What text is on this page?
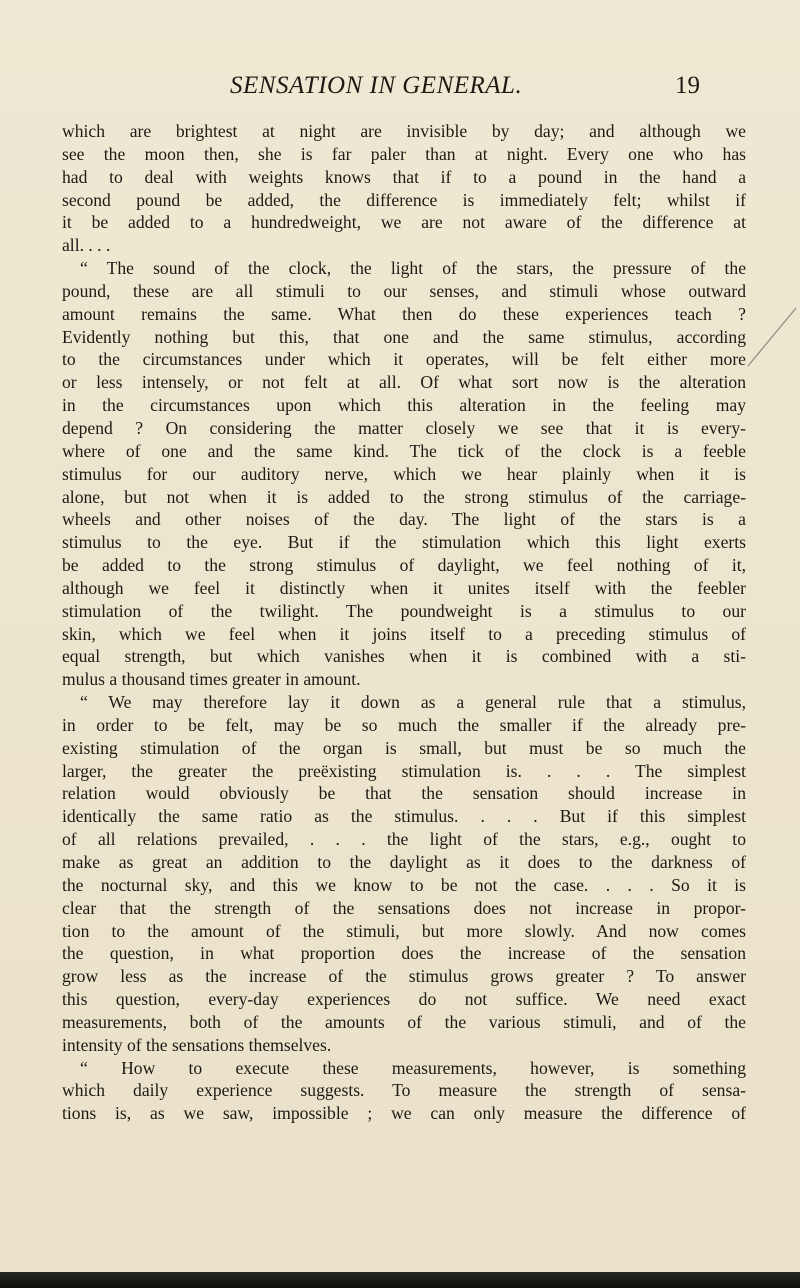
SENSATION IN GENERAL.	19
which are brightest at night are invisible by day; and although we
see the moon then, she is far paler than at night. Every one who has
had to deal with weights knows that if to a pound in the hand a
second pound be added, the difference is immediately felt; whilst if
it be added to a hundredweight, we are not aware of the difference at
all. . . .
“ The sound of the clock, the light of the stars, the pressure of the
pound, these are all stimuli to our senses, and stimuli whose outward
amount remains the same. What then do these experiences teach ?
Evidently nothing but this, that one and the same stimulus, according
to the circumstances under which it operates, will be felt either more
or less intensely, or not felt at all. Of what sort now is the alteration
in the circumstances upon which this alteration in the feeling may
depend ? On considering the matter closely we see that it is every-
where of one and the same kind. The tick of the clock is a feeble
stimulus for our auditory nerve, which we hear plainly when it is
alone, but not when it is added to the strong stimulus of the carriage-
wheels and other noises of the day. The light of the stars is a
stimulus to the eye. But if the stimulation which this light exerts
be added to the strong stimulus of daylight, we feel nothing of it,
although we feel it distinctly when it unites itself with the feebler
stimulation of the twilight. The poundweight is a stimulus to our
skin, which we feel when it joins itself to a preceding stimulus of
equal strength, but which vanishes when it is combined with a sti-
mulus a thousand times greater in amount.
“ We may therefore lay it down as a general rule that a stimulus,
in order to be felt, may be so much the smaller if the already pre-
existing stimulation of the organ is small, but must be so much the
larger, the greater the preëxisting stimulation is. . . . The simplest
relation would obviously be that the sensation should increase in
identically the same ratio as the stimulus. . . . But if this simplest
of all relations prevailed, . . . the light of the stars, e.g., ought to
make as great an addition to the daylight as it does to the darkness of
the nocturnal sky, and this we know to be not the case. . . . So it is
clear that the strength of the sensations does not increase in propor-
tion to the amount of the stimuli, but more slowly. And now comes
the question, in what proportion does the increase of the sensation
grow less as the increase of the stimulus grows greater ? To answer
this question, every-day experiences do not suffice. We need exact
measurements, both of the amounts of the various stimuli, and of the
intensity of the sensations themselves.
“ How to execute these measurements, however, is something
which daily experience suggests. To measure the strength of sensa-
tions is, as we saw, impossible ; we can only measure the difference of
